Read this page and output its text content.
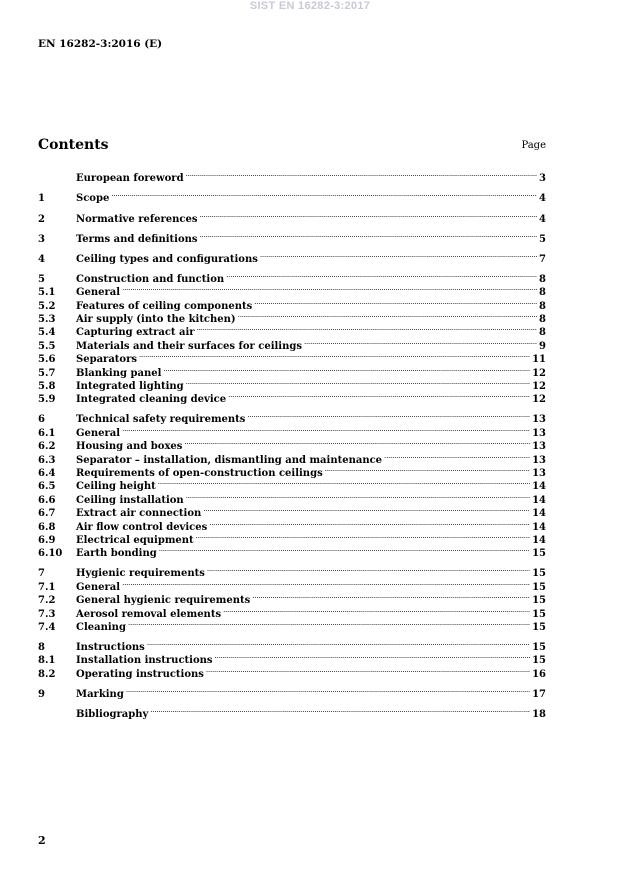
SIST EN 16282-3:2017
EN 16282-3:2016 (E)
Contents	Page
European foreword .....	3
1	Scope .....	4
2	Normative references .....	4
3	Terms and definitions .....	5
4	Ceiling types and configurations .....	7
5	Construction and function .....	8
5.1	General .....	8
5.2	Features of ceiling components .....	8
5.3	Air supply (into the kitchen) .....	8
5.4	Capturing extract air .....	8
5.5	Materials and their surfaces for ceilings .....	9
5.6	Separators .....	11
5.7	Blanking panel .....	12
5.8	Integrated lighting .....	12
5.9	Integrated cleaning device .....	12
6	Technical safety requirements .....	13
6.1	General .....	13
6.2	Housing and boxes .....	13
6.3	Separator – installation, dismantling and maintenance .....	13
6.4	Requirements of open-construction ceilings .....	13
6.5	Ceiling height .....	14
6.6	Ceiling installation .....	14
6.7	Extract air connection .....	14
6.8	Air flow control devices .....	14
6.9	Electrical equipment .....	14
6.10	Earth bonding .....	15
7	Hygienic requirements .....	15
7.1	General .....	15
7.2	General hygienic requirements .....	15
7.3	Aerosol removal elements .....	15
7.4	Cleaning .....	15
8	Instructions .....	15
8.1	Installation instructions .....	15
8.2	Operating instructions .....	16
9	Marking .....	17
Bibliography .....	18
2
